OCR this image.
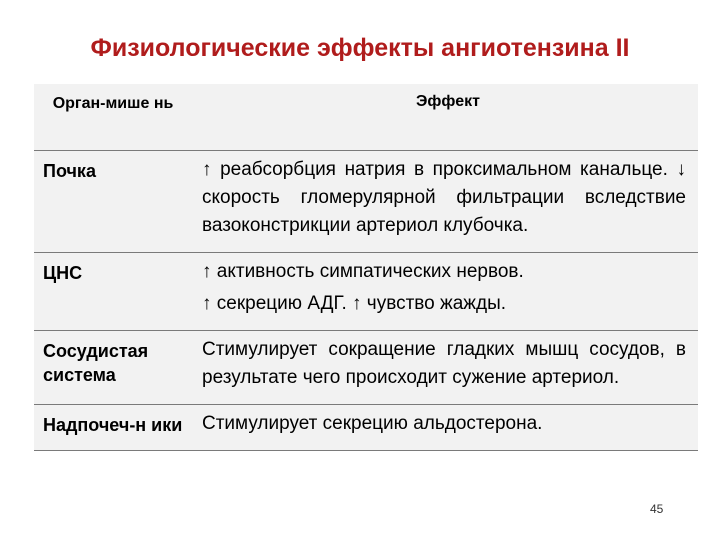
Физиологические эффекты ангиотензина II
Орган-мише нь	Эффект
Почка	↑ реабсорбция натрия в проксимальном канальце. ↓ скорость гломерулярной фильтрации вследствие вазоконстрикции артериол клубочка.

ЦНС	↑ активность симпатических нервов.

↑ секрецию АДГ. ↑ чувство жажды.

Сосудистая система	Стимулирует сокращение гладких мышц сосудов, в результате чего происходит сужение артериол.

Надпочеч-н ики	Стимулирует секрецию альдостерона.

45
